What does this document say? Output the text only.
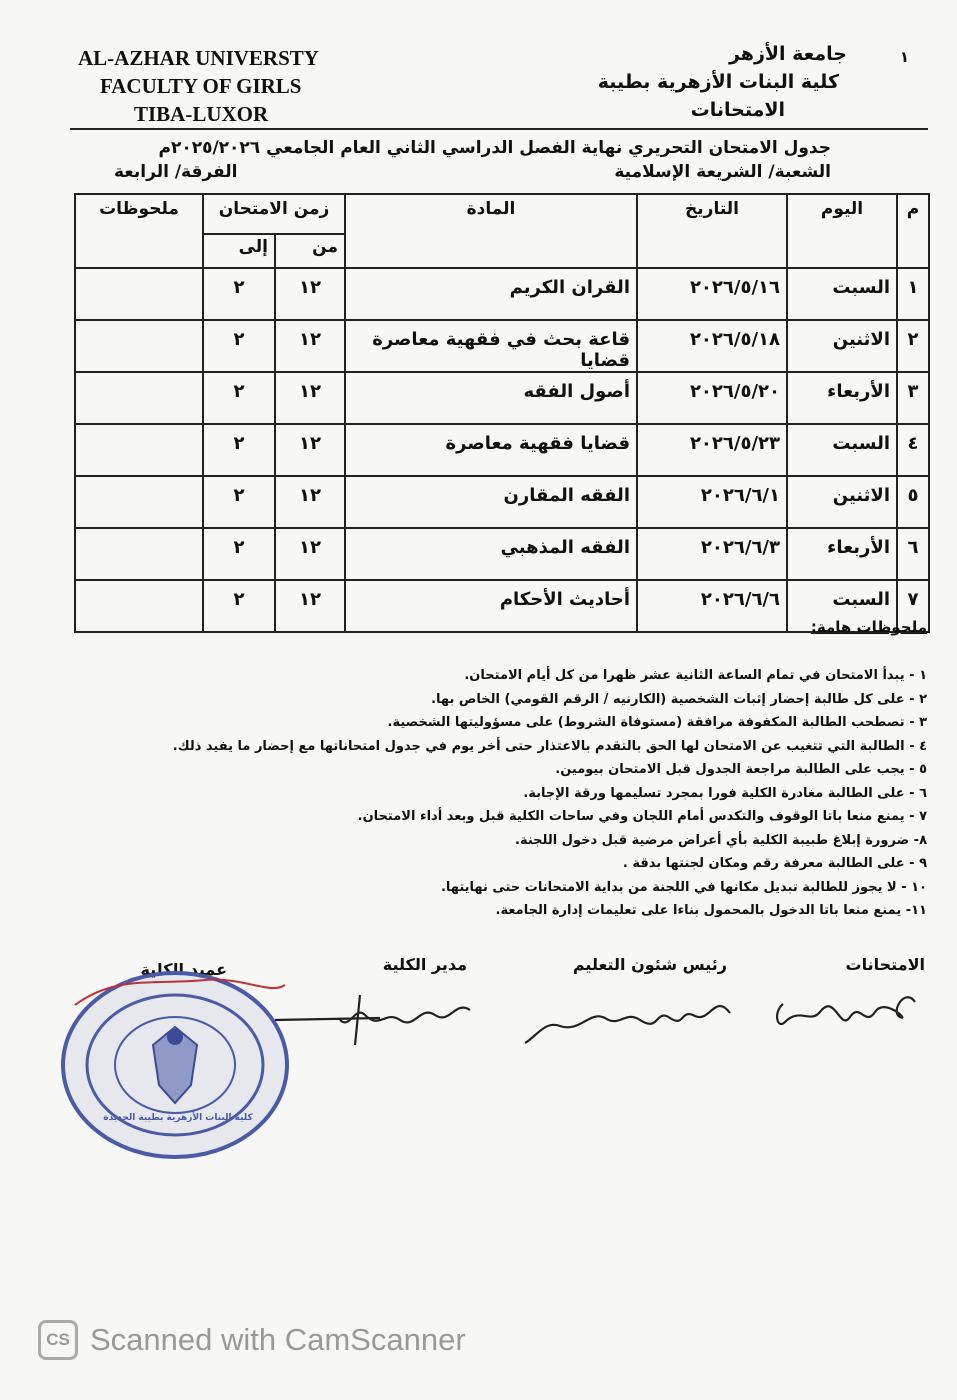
AL-AZHAR UNIVERSTY
FACULTY OF GIRLS
TIBA-LUXOR
جامعة الأزهر
كلية البنات الأزهرية بطيبة
الامتحانات
١
جدول الامتحان التحريري نهاية الفصل الدراسي الثاني العام الجامعي ٢٠٢٥/٢٠٢٦م
الشعبة/ الشريعة الإسلامية
الفرقة/ الرابعة
م	اليوم	التاريخ	المادة	زمن الامتحان		ملحوظات
				من	إلى	
١	السبت	٢٠٢٦/٥/١٦	القران الكريم	١٢	٢	
٢	الاثنين	٢٠٢٦/٥/١٨	قاعة بحث في فقهية معاصرة قضايا	١٢	٢	
٣	الأربعاء	٢٠٢٦/٥/٢٠	أصول الفقه	١٢	٢	
٤	السبت	٢٠٢٦/٥/٢٣	قضايا فقهية معاصرة	١٢	٢	
٥	الاثنين	٢٠٢٦/٦/١	الفقه المقارن	١٢	٢	
٦	الأربعاء	٢٠٢٦/٦/٣	الفقه المذهبي	١٢	٢	
٧	السبت	٢٠٢٦/٦/٦	أحاديث الأحكام	١٢	٢	
ملحوظات هامة:
١ - يبدأ الامتحان في تمام الساعة الثانية عشر ظهرا من كل أيام الامتحان.
٢ - على كل طالبة إحضار إثبات الشخصية (الكارنيه / الرقم القومي) الخاص بها.
٣ - تصطحب الطالبة المكفوفة مرافقة (مستوفاة الشروط) على مسؤوليتها الشخصية.
٤ - الطالبة التي تتغيب عن الامتحان لها الحق بالتقدم بالاعتذار حتى أخر يوم في جدول امتحاناتها مع إحضار ما يفيد ذلك.
٥ - يجب على الطالبة مراجعة الجدول قبل الامتحان بيومين.
٦ - على الطالبة مغادرة الكلية فورا بمجرد تسليمها ورقة الإجابة.
٧ - يمنع منعا باتا الوقوف والتكدس أمام اللجان وفي ساحات الكلية قبل وبعد أداء الامتحان.
٨- ضرورة إبلاغ طبيبة الكلية بأي أعراض مرضية قبل دخول اللجنة.
٩ - على الطالبة معرفة رقم ومكان لجنتها بدقة .
١٠ - لا يجوز للطالبة تبديل مكانها في اللجنة من بداية الامتحانات حتى نهايتها.
١١- يمنع منعا باتا الدخول بالمحمول بناءا على تعليمات إدارة الجامعة.
الامتحانات
رئيس شئون التعليم
مدير الكلية
عميد الكلية
كلية البنات الأزهرية بطيبة الجديدة
CS Scanned with CamScanner
